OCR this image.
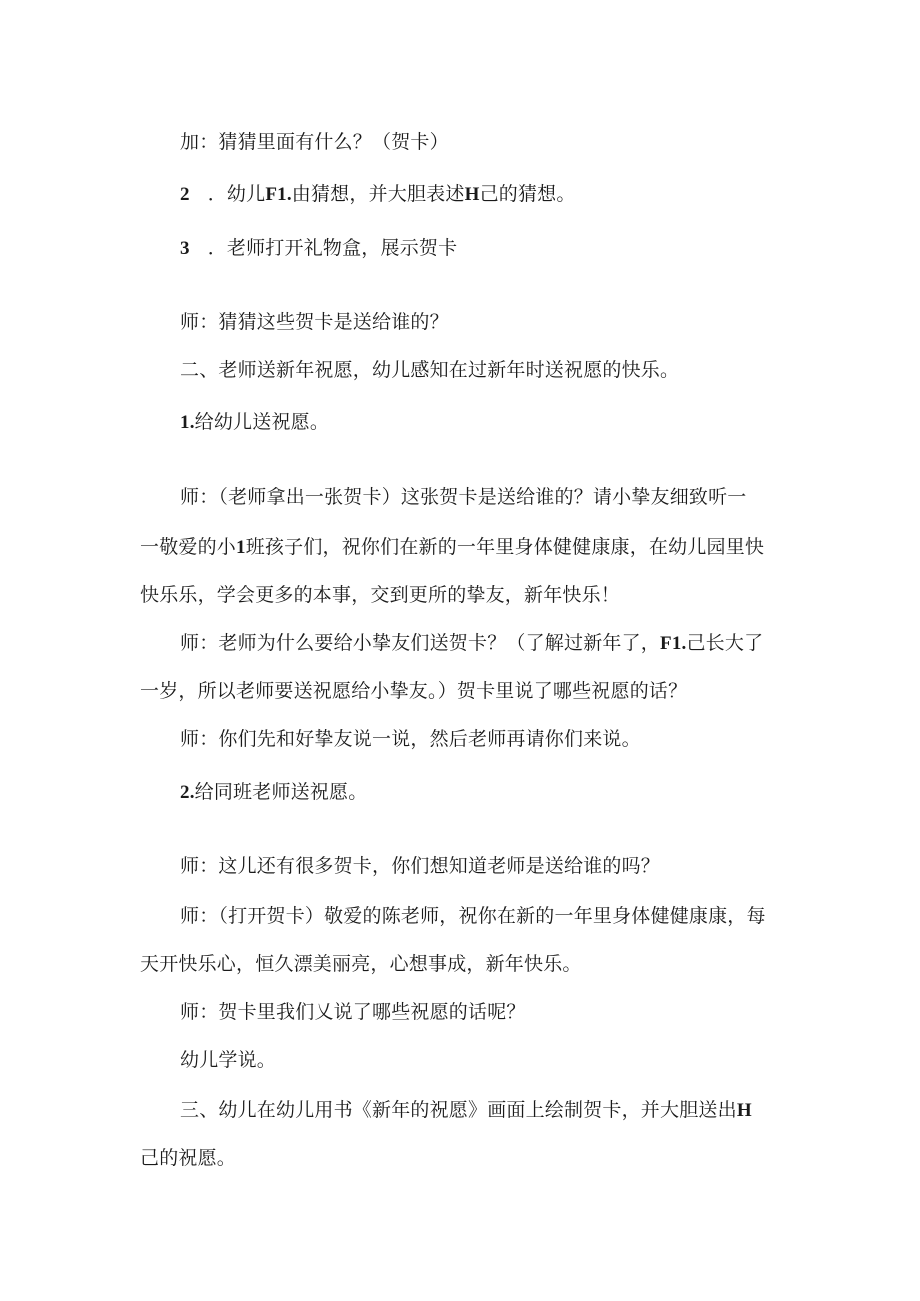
加：猜猜里面有什么？（贺卡）
2 ．幼儿F1.由猜想，并大胆表述H己的猜想。
3 ．老师打开礼物盒，展示贺卡
师：猜猜这些贺卡是送给谁的？
二、老师送新年祝愿，幼儿感知在过新年时送祝愿的快乐。
1.给幼儿送祝愿。
师：（老师拿出一张贺卡）这张贺卡是送给谁的？请小挚友细致听一
一敬爱的小1班孩子们，祝你们在新的一年里身体健健康康，在幼儿园里快
快乐乐，学会更多的本事，交到更所的挚友，新年快乐！
师：老师为什么要给小挚友们送贺卡？（了解过新年了，F1.己长大了
一岁，所以老师要送祝愿给小挚友。）贺卡里说了哪些祝愿的话？
师：你们先和好挚友说一说，然后老师再请你们来说。
2.给同班老师送祝愿。
师：这儿还有很多贺卡，你们想知道老师是送给谁的吗？
师：（打开贺卡）敬爱的陈老师，祝你在新的一年里身体健健康康，每
天开快乐心，恒久漂美丽亮，心想事成，新年快乐。
师：贺卡里我们乂说了哪些祝愿的话呢？
幼儿学说。
三、幼儿在幼儿用书《新年的祝愿》画面上绘制贺卡，并大胆送出H
己的祝愿。
